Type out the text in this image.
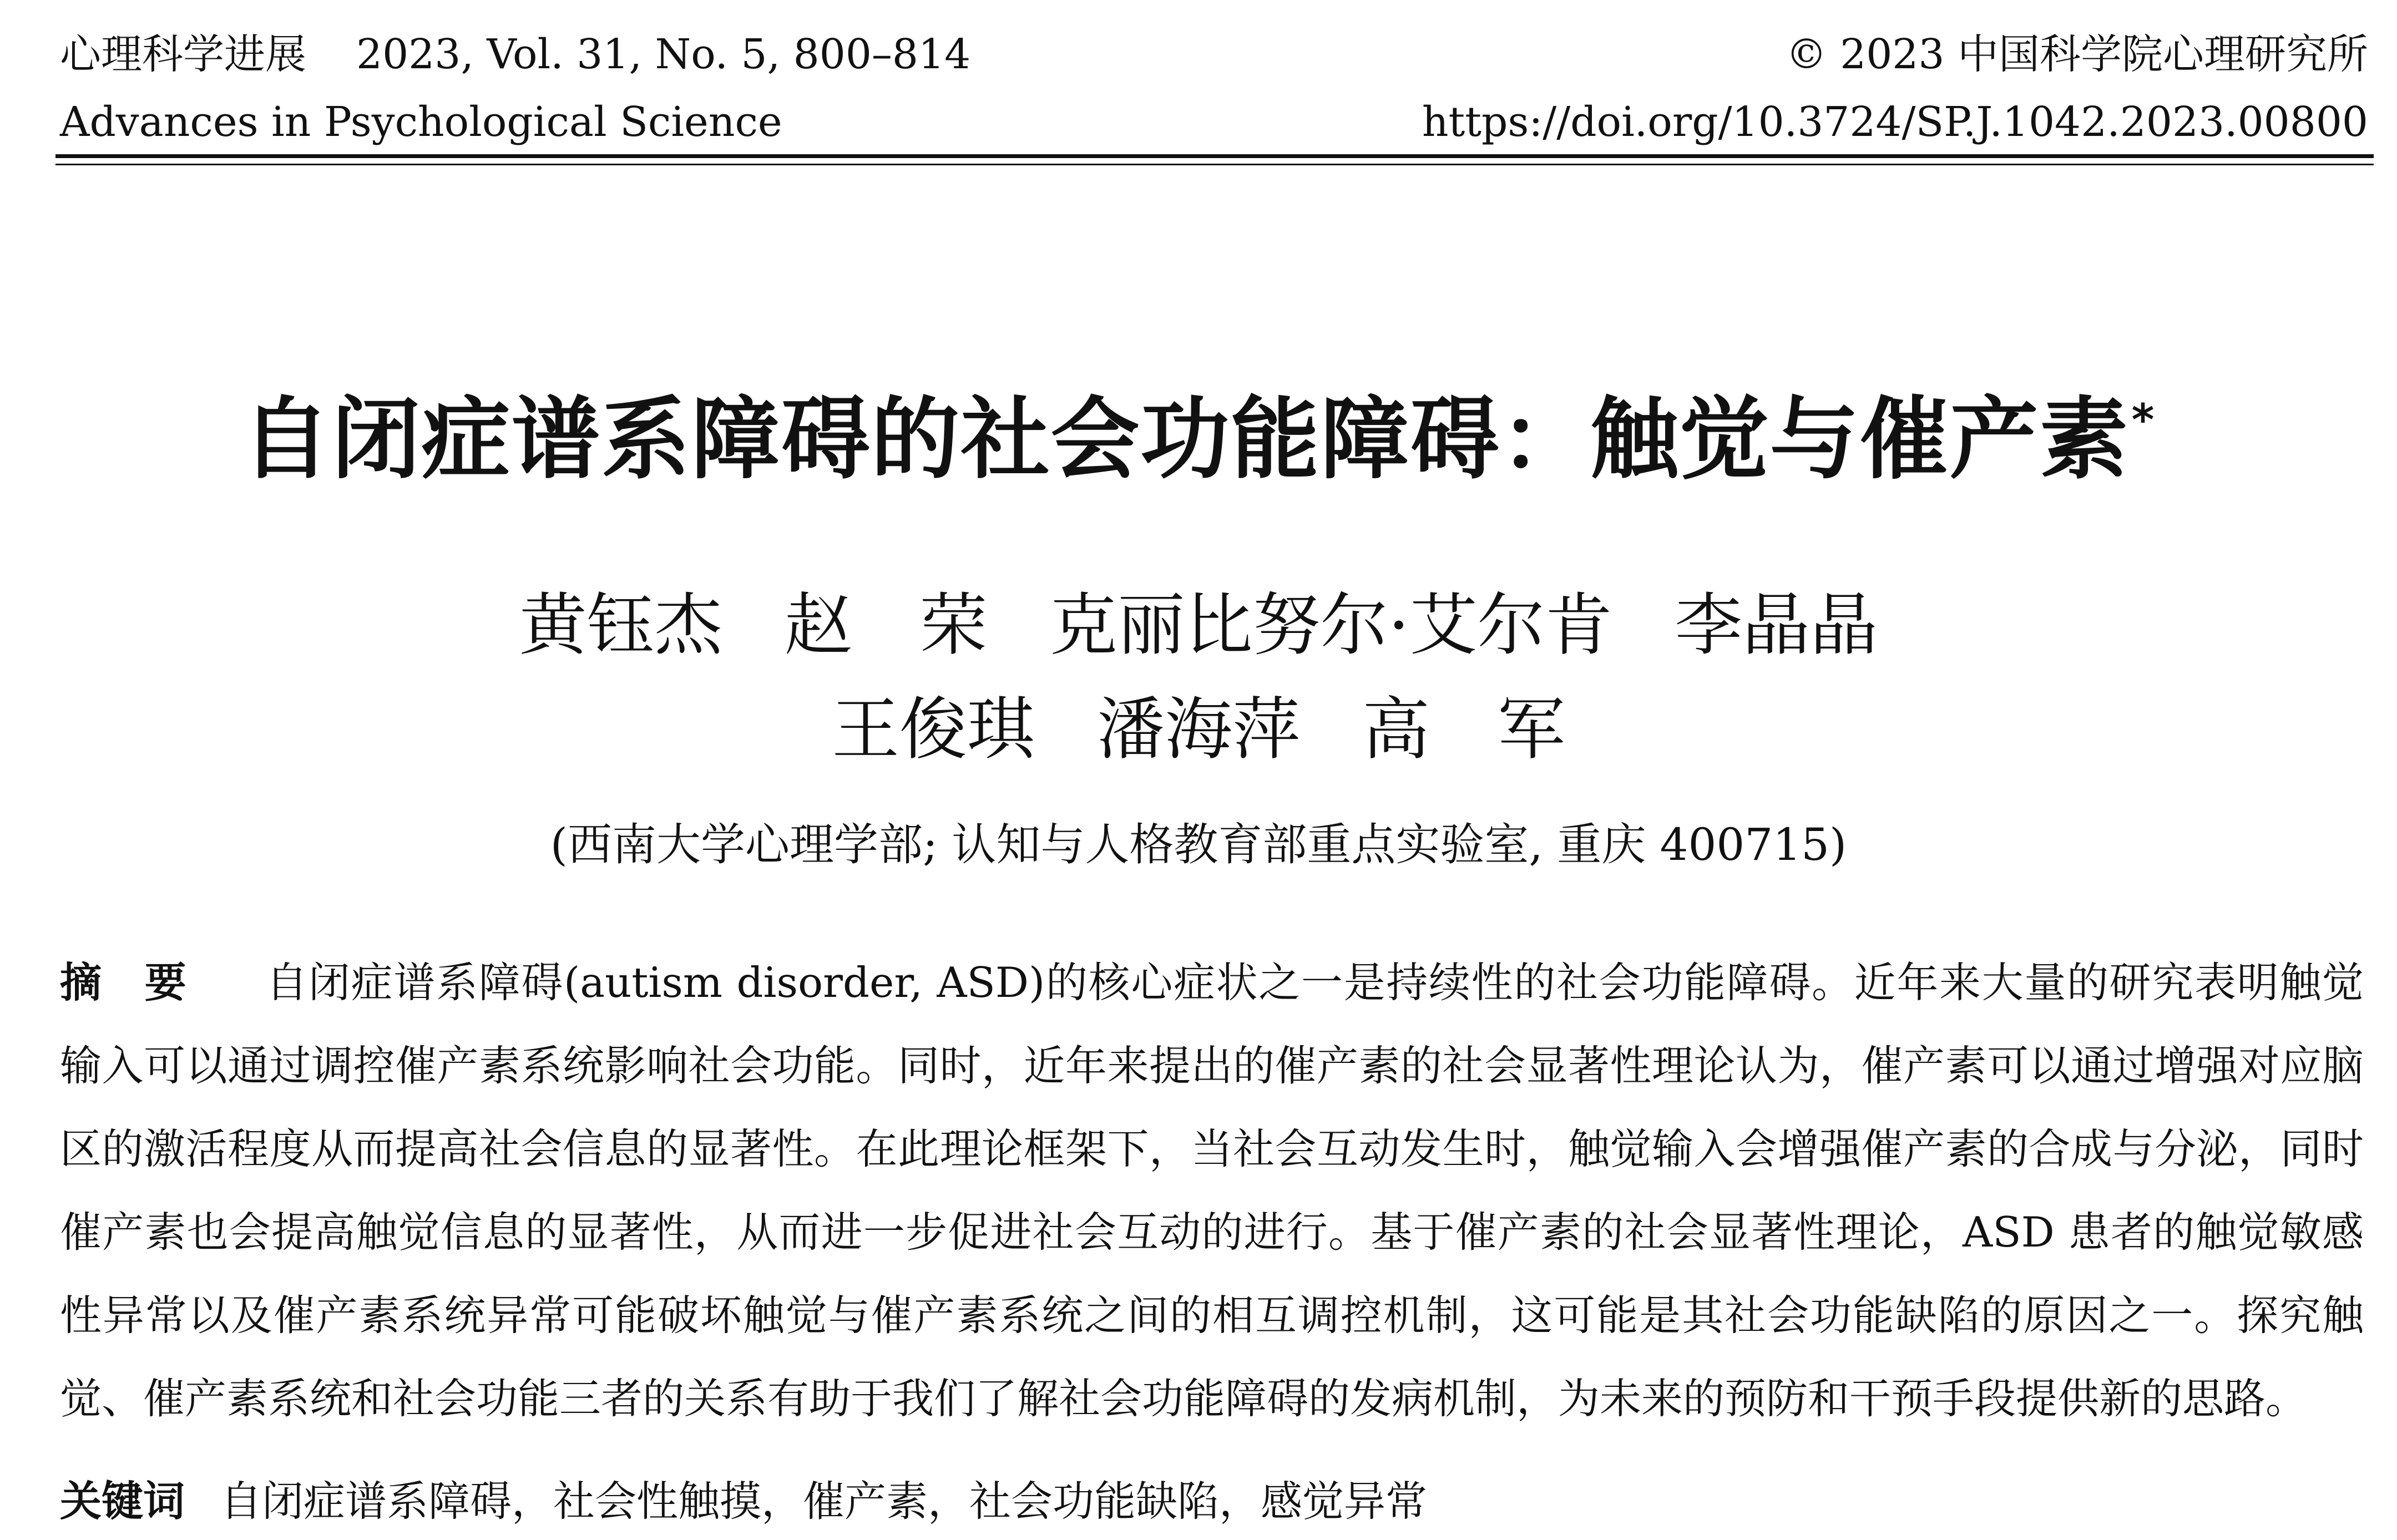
心理科学进展 2023, Vol. 31, No. 5, 800–814	© 2023 中国科学院心理研究所
Advances in Psychological Science	https://doi.org/10.3724/SP.J.1042.2023.00800
自闭症谱系障碍的社会功能障碍：触觉与催产素*
黄钰杰 赵　荣 克丽比努尔·艾尔肯 李晶晶
王俊琪 潘海萍 高　军
(西南大学心理学部; 认知与人格教育部重点实验室, 重庆 400715)
摘要 自闭症谱系障碍(autism disorder, ASD)的核心症状之一是持续性的社会功能障碍。近年来大量的研究表明触觉输入可以通过调控催产素系统影响社会功能。同时，近年来提出的催产素的社会显著性理论认为，催产素可以通过增强对应脑区的激活程度从而提高社会信息的显著性。在此理论框架下，当社会互动发生时，触觉输入会增强催产素的合成与分泌，同时催产素也会提高触觉信息的显著性，从而进一步促进社会互动的进行。基于催产素的社会显著性理论，ASD 患者的触觉敏感性异常以及催产素系统异常可能破坏触觉与催产素系统之间的相互调控机制，这可能是其社会功能缺陷的原因之一。探究触觉、催产素系统和社会功能三者的关系有助于我们了解社会功能障碍的发病机制，为未来的预防和干预手段提供新的思路。
关键词 自闭症谱系障碍，社会性触摸，催产素，社会功能缺陷，感觉异常
